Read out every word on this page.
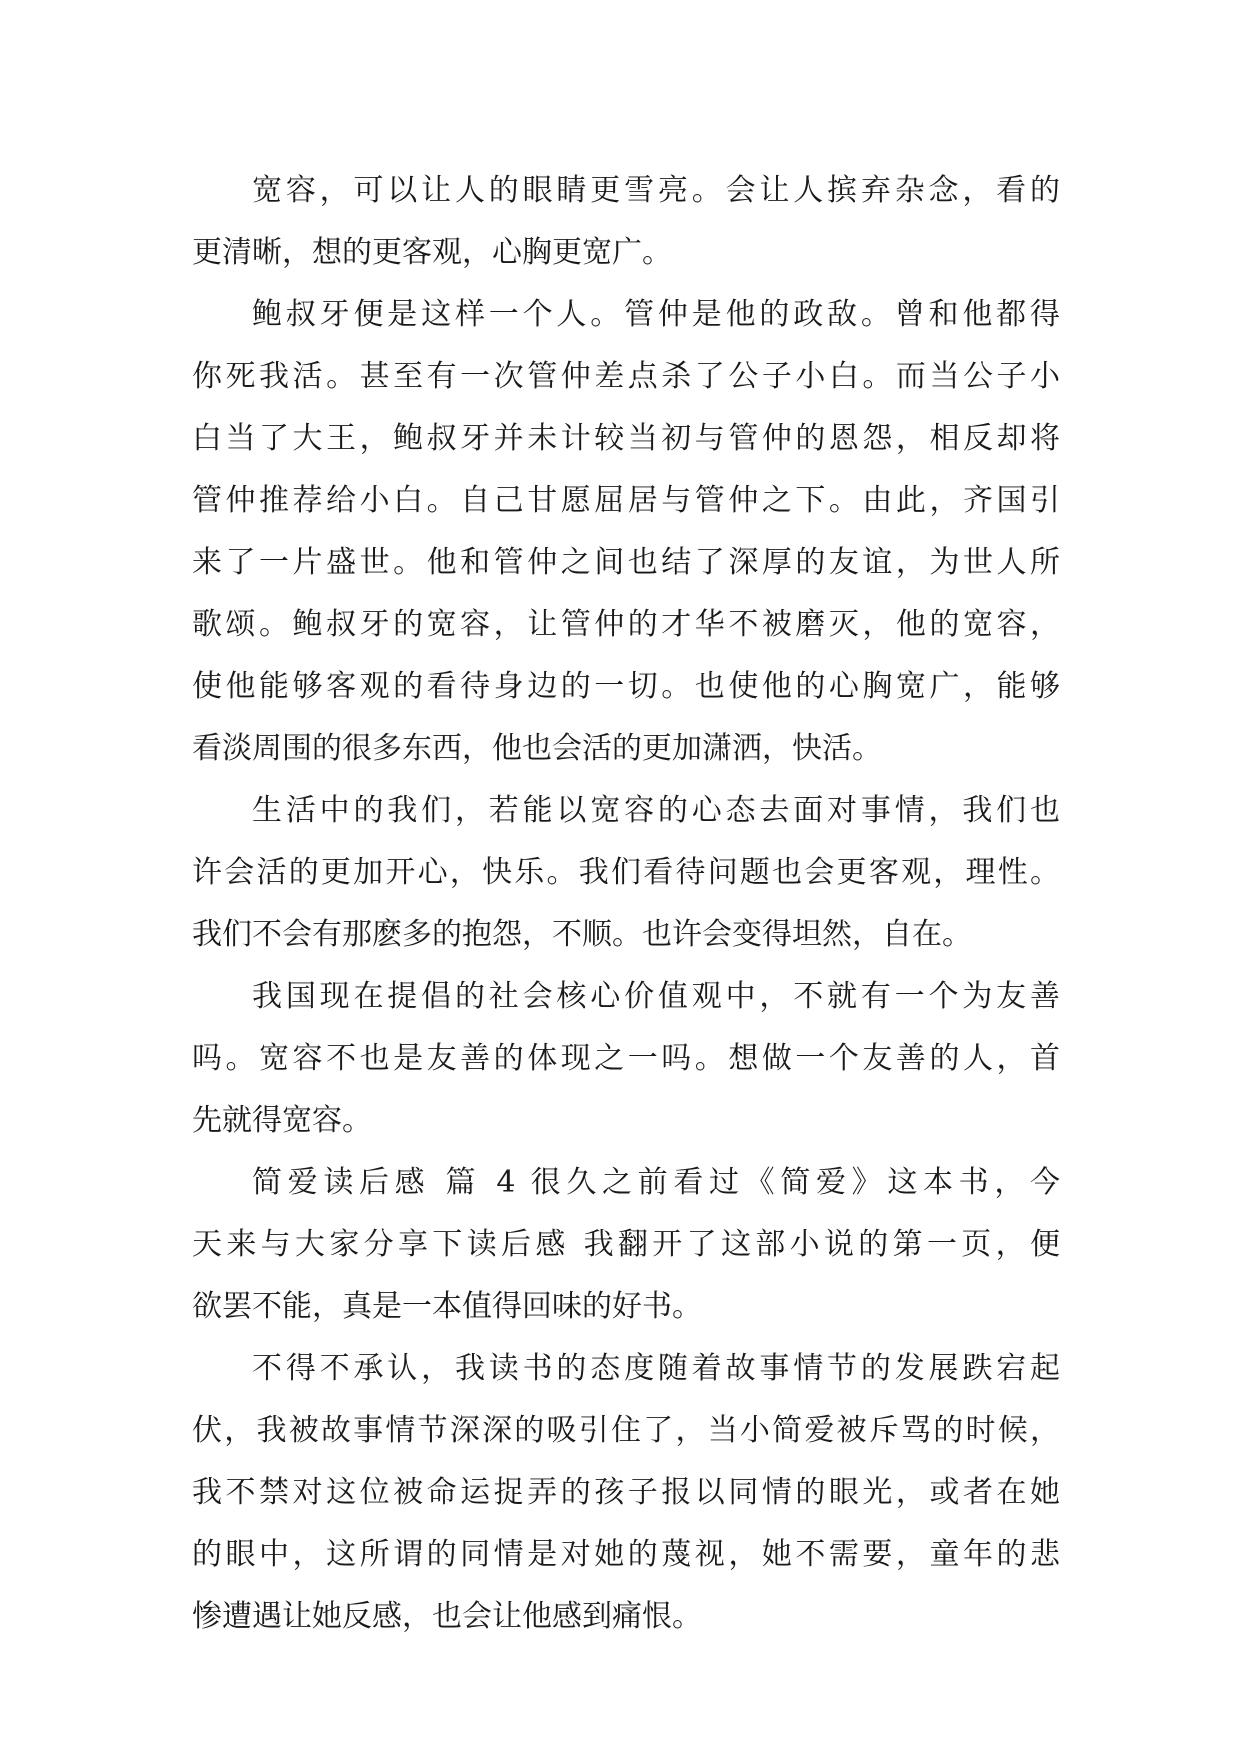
宽容，可以让人的眼睛更雪亮。会让人摈弃杂念，看的
更清晰，想的更客观，心胸更宽广。
鲍叔牙便是这样一个人。管仲是他的政敌。曾和他都得
你死我活。甚至有一次管仲差点杀了公子小白。而当公子小
白当了大王，鲍叔牙并未计较当初与管仲的恩怨，相反却将
管仲推荐给小白。自己甘愿屈居与管仲之下。由此，齐国引
来了一片盛世。他和管仲之间也结了深厚的友谊，为世人所
歌颂。鲍叔牙的宽容，让管仲的才华不被磨灭，他的宽容，
使他能够客观的看待身边的一切。也使他的心胸宽广，能够
看淡周围的很多东西，他也会活的更加潇洒，快活。
生活中的我们，若能以宽容的心态去面对事情，我们也
许会活的更加开心，快乐。我们看待问题也会更客观，理性。
我们不会有那麽多的抱怨，不顺。也许会变得坦然，自在。
我国现在提倡的社会核心价值观中，不就有一个为友善
吗。宽容不也是友善的体现之一吗。想做一个友善的人，首
先就得宽容。
简爱读后感 篇 4 很久之前看过《简爱》这本书，今
天来与大家分享下读后感 我翻开了这部小说的第一页，便
欲罢不能，真是一本值得回味的好书。
不得不承认，我读书的态度随着故事情节的发展跌宕起
伏，我被故事情节深深的吸引住了，当小简爱被斥骂的时候，
我不禁对这位被命运捉弄的孩子报以同情的眼光，或者在她
的眼中，这所谓的同情是对她的蔑视，她不需要，童年的悲
惨遭遇让她反感，也会让他感到痛恨。
